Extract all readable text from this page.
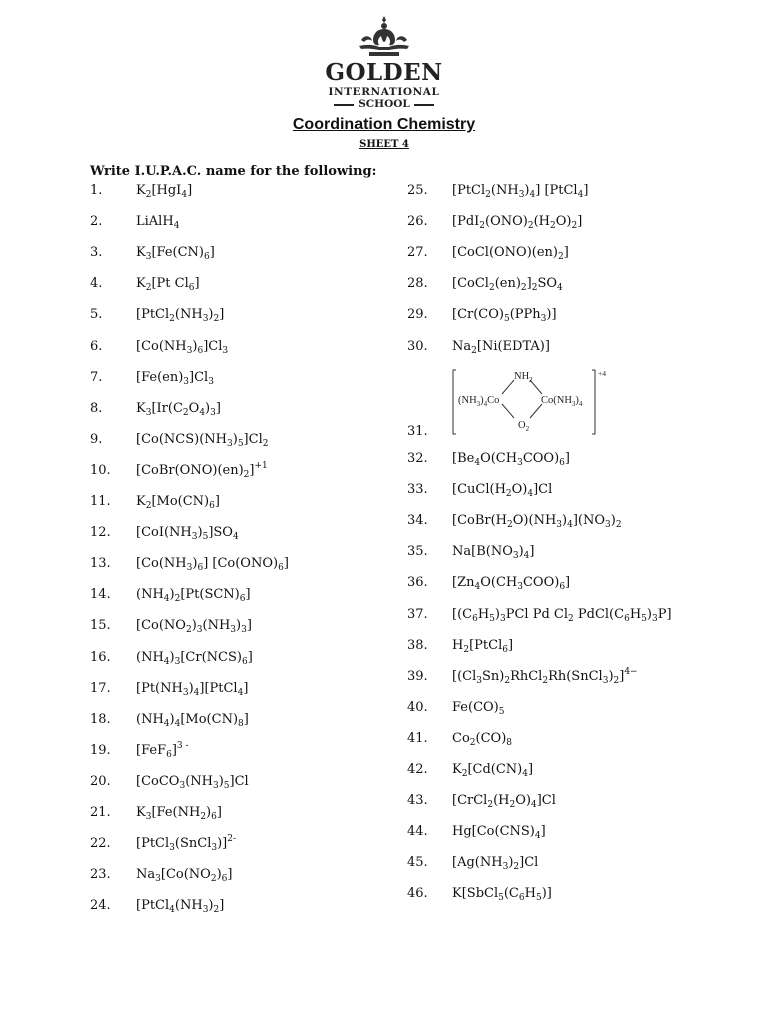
GOLDEN
INTERNATIONAL
SCHOOL
Coordination Chemistry
SHEET 4
Write I.U.P.A.C. name for the following:
1.	$K_2[HgI_4]$
2.	LiAlH$_4$
3.	$K_3[Fe(CN)_6]$
4.	$K_2[Pt$ $Cl_6$]
5.	$[PtCl_2(NH_3)_2]$
6.	$[Co(NH_3)_6]Cl_3$
7.	$[Fe(en)_3]Cl_3$
8.	$K_3[Ir(C_2O_4)_3]$
9.	$[Co(NCS)(NH_3)_5]Cl_2$
10. $[CoBr(ONO)(en)_2]^{+1}$
11. $K_2[Mo(CN)_6]$
12. $[CoI(NH_3)_5]SO_4$
13. $[Co(NH_3)_6]$ $[Co(ONO)_6]$
14. $(NH_4)_2[Pt(SCN)_6]$
15. $[Co(NO_2)_3(NH_3)_3]$
16. $(NH_4)_3[Cr(NCS)_6]$
17. $[Pt(NH_3)_4][PtCl_4]$
18. $(NH_4)_4[Mo(CN)_8]$
19. $[FeF_6]^{3 -}$
20. $[CoCO_3(NH_3)_5]Cl$
21. $K_3[Fe(NH_2)_6]$
22. [PtCl$_3$(SnCl$_3$)]$^{2-}$
23. $Na_3[Co(NO_2)_6]$
24. $[PtCl_4(NH_3)_2]$
25. $[PtCl_2(NH_3)_4]$ [PtCl$_4$]
26. $[PdI_2(ONO)_2(H_2O)_2]$
27. $[CoCl(ONO)(en)_2]$
28. $[CoCl_2(en)_2]_2SO_4$
29. $[Cr(CO)_5(PPh_3)]$
30. $Na_2[Ni(EDTA)]$
31.
32. $[Be_4O(CH_3COO)_6]$
33. $[CuCl(H_2O)_4]Cl$
34. $[CoBr(H_2O)(NH_3)_4](NO_3)_2$
35. $Na[B(NO_3)_4]$
36. $[Zn_4O(CH_3COO)_6]$
37. [$(C_6H_5)_3PCl$ Pd $Cl_2$ $PdCl(C_6H_5)_3P$]
38. $H_2[PtCl_6]$
39. $[(Cl_3Sn)_2RhCl_2Rh(SnCl_3)_2]^{4-}$
40. $Fe(CO)_5$
41. $Co_2(CO)_8$
42. $K_2[Cd(CN)_4]$
43. $[CrCl_2(H_2O)_4]Cl$
44. $Hg[Co(CNS)_4]$
45. $[Ag(NH_3)_2]Cl$
46. $K[SbCl_5(C_6H_5)]$
$NH_2$
$(NH_3)_4Co$	$Co(NH_3)_4$
$O_2$
+4
